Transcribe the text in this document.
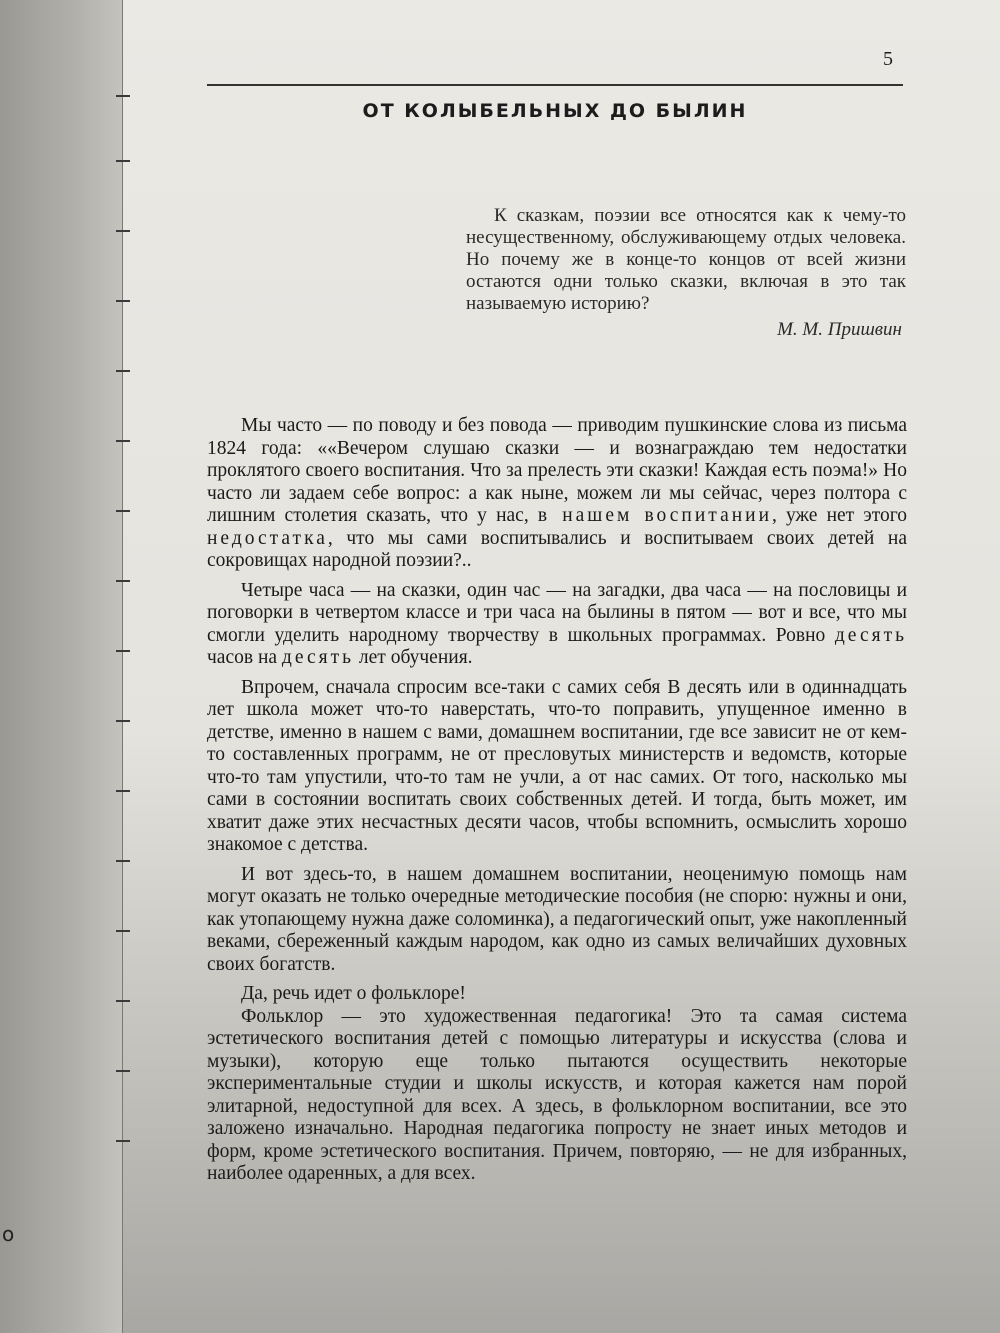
5
ОТ КОЛЫБЕЛЬНЫХ ДО БЫЛИН

К сказкам, поэзии все относятся как к чему-то несущественному, обслуживающему отдых человека. Но почему же в конце-то концов от всей жизни остаются одни только сказки, включая в это так называемую историю?

М. М. Пришвин

Мы часто — по поводу и без повода — приводим пушкинские слова из письма 1824 года: ««Вечером слушаю сказки — и вознаграждаю тем недостатки проклятого своего воспитания. Что за прелесть эти сказки! Каждая есть поэма!» Но часто ли задаем себе вопрос: а как ныне, можем ли мы сейчас, через полтора с лишним столетия сказать, что у нас, в нашем воспитании, уже нет этого недостатка, что мы сами воспитывались и воспитываем своих детей на сокровищах народной поэзии?..

Четыре часа — на сказки, один час — на загадки, два часа — на пословицы и поговорки в четвертом классе и три часа на былины в пятом — вот и все, что мы смогли уделить народному творчеству в школьных программах. Ровно десять часов на десять лет обучения.

Впрочем, сначала спросим все-таки с самих себя В десять или в одиннадцать лет школа может что-то наверстать, что-то поправить, упущенное именно в детстве, именно в нашем с вами, домашнем воспитании, где все зависит не от кем-то составленных программ, не от пресловутых министерств и ведомств, которые что-то там упустили, что-то там не учли, а от нас самих. От того, насколько мы сами в состоянии воспитать своих собственных детей. И тогда, быть может, им хватит даже этих несчастных десяти часов, чтобы вспомнить, осмыслить хорошо знакомое с детства.

И вот здесь-то, в нашем домашнем воспитании, неоценимую помощь нам могут оказать не только очередные методические пособия (не спорю: нужны и они, как утопающему нужна даже соломинка), а педагогический опыт, уже накопленный веками, сбереженный каждым народом, как одно из самых величайших духовных своих богатств.

Да, речь идет о фольклоре!

Фольклор — это художественная педагогика! Это та самая система эстетического воспитания детей с помощью литературы и искусства (слова и музыки), которую еще только пытаются осуществить некоторые экспериментальные студии и школы искусств, и которая кажется нам порой элитарной, недоступной для всех. А здесь, в фольклорном воспитании, все это заложено изначально. Народная педагогика попросту не знает иных методов и форм, кроме эстетического воспитания. Причем, повторяю, — не для избранных, наиболее одаренных, а для всех.

о
